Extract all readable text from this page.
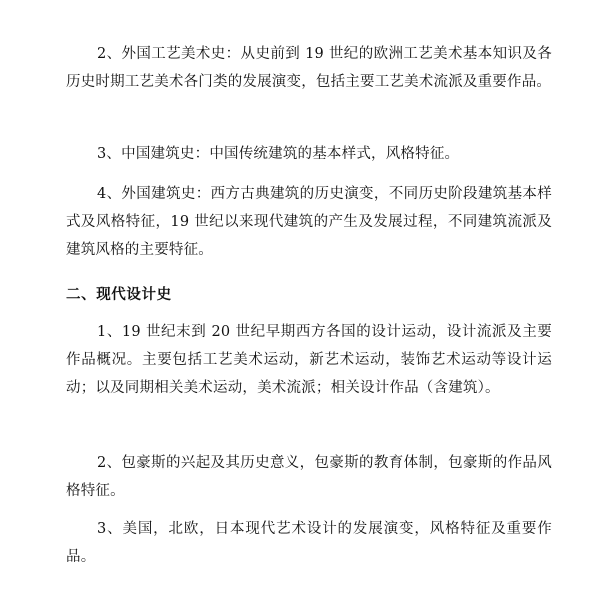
2、外国工艺美术史：从史前到 19 世纪的欧洲工艺美术基本知识及各历史时期工艺美术各门类的发展演变，包括主要工艺美术流派及重要作品。

3、中国建筑史：中国传统建筑的基本样式，风格特征。

4、外国建筑史：西方古典建筑的历史演变，不同历史阶段建筑基本样式及风格特征，19 世纪以来现代建筑的产生及发展过程，不同建筑流派及建筑风格的主要特征。

二、现代设计史

1、19 世纪末到 20 世纪早期西方各国的设计运动，设计流派及主要作品概况。主要包括工艺美术运动，新艺术运动，装饰艺术运动等设计运动；以及同期相关美术运动，美术流派；相关设计作品（含建筑）。

2、包豪斯的兴起及其历史意义，包豪斯的教育体制，包豪斯的作品风格特征。

3、美国，北欧，日本现代艺术设计的发展演变，风格特征及重要作品。
